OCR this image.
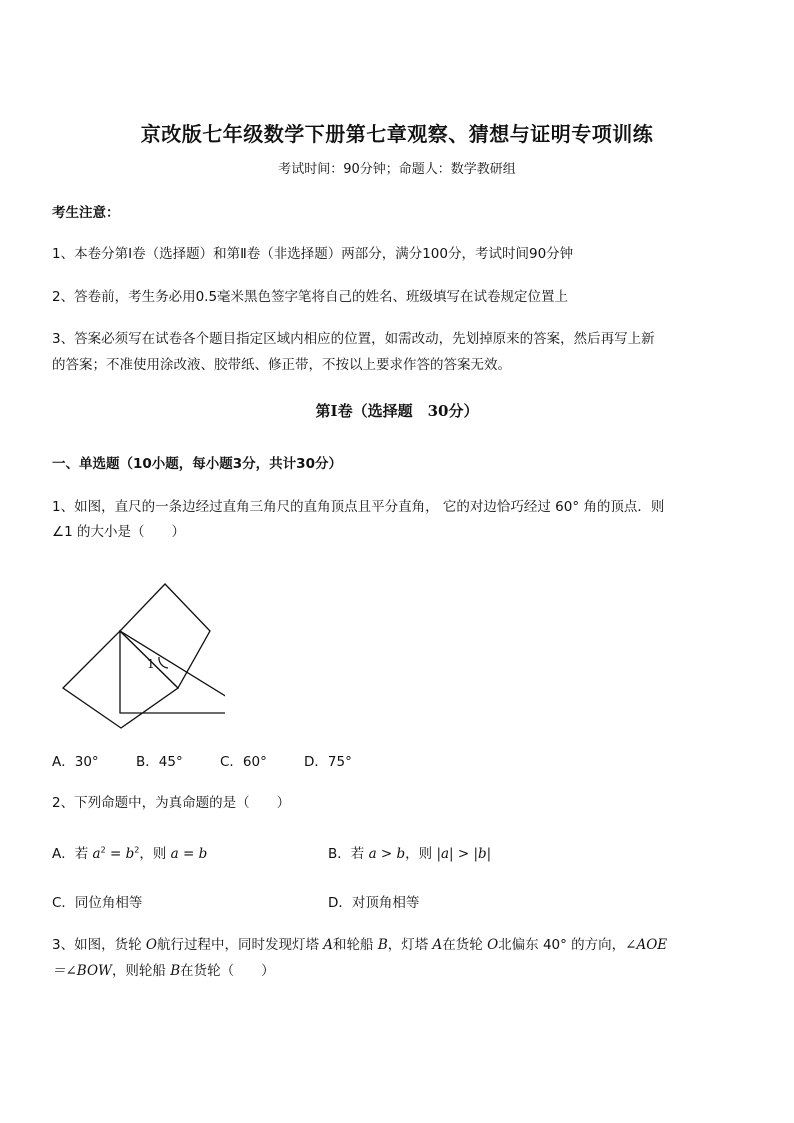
京改版七年级数学下册第七章观察、猜想与证明专项训练
考试时间：90分钟；命题人：数学教研组
考生注意：
1、本卷分第Ⅰ卷（选择题）和第Ⅱ卷（非选择题）两部分，满分100分，考试时间90分钟
2、答卷前，考生务必用0.5毫米黑色签字笔将自己的姓名、班级填写在试卷规定位置上
3、答案必须写在试卷各个题目指定区域内相应的位置，如需改动，先划掉原来的答案，然后再写上新
的答案；不准使用涂改液、胶带纸、修正带，不按以上要求作答的答案无效。
第Ⅰ卷（选择题　30分）
一、单选题（10小题，每小题3分，共计30分）
1、如图，直尺的一条边经过直角三角尺的直角顶点且平分直角， 它的对边恰巧经过 60° 角的顶点．则
∠1 的大小是（　　）
1
A．30°	B．45°	C．60°	D．75°
2、下列命题中，为真命题的是（　　）
A．若 $a^2 = b^2$，则 a = b	B．若 a > b，则 |a| > |b|
C．同位角相等	D．对顶角相等
3、如图，货轮 O航行过程中，同时发现灯塔 A和轮船 B，灯塔 A在货轮 O北偏东 40° 的方向，∠AOE
＝∠BOW，则轮船 B在货轮（　　）
